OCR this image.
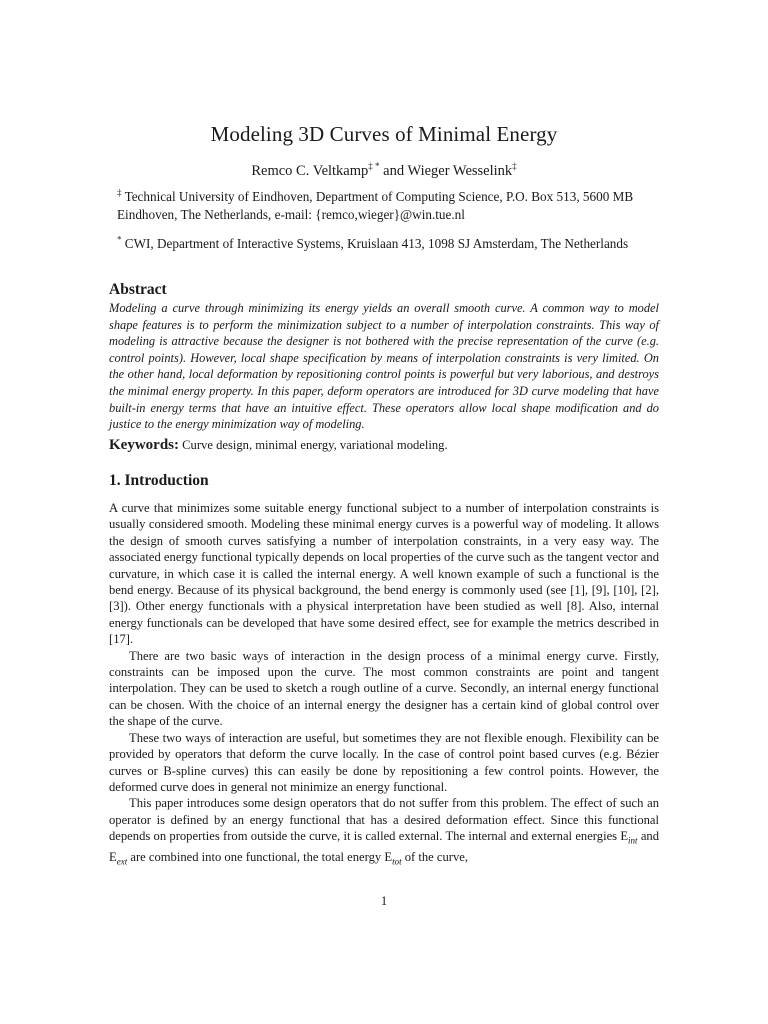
Modeling 3D Curves of Minimal Energy
Remco C. Veltkamp‡ * and Wieger Wesselink‡
‡ Technical University of Eindhoven, Department of Computing Science, P.O. Box 513, 5600 MB Eindhoven, The Netherlands, e-mail: {remco,wieger}@win.tue.nl
* CWI, Department of Interactive Systems, Kruislaan 413, 1098 SJ Amsterdam, The Netherlands
Abstract
Modeling a curve through minimizing its energy yields an overall smooth curve. A common way to model shape features is to perform the minimization subject to a number of interpolation constraints. This way of modeling is attractive because the designer is not bothered with the precise representation of the curve (e.g. control points). However, local shape specification by means of interpolation constraints is very limited. On the other hand, local deformation by repositioning control points is powerful but very laborious, and destroys the minimal energy property. In this paper, deform operators are introduced for 3D curve modeling that have built-in energy terms that have an intuitive effect. These operators allow local shape modification and do justice to the energy minimization way of modeling.
Keywords: Curve design, minimal energy, variational modeling.
1. Introduction

A curve that minimizes some suitable energy functional subject to a number of interpolation constraints is usually considered smooth. Modeling these minimal energy curves is a powerful way of modeling. It allows the design of smooth curves satisfying a number of interpolation constraints, in a very easy way. The associated energy functional typically depends on local properties of the curve such as the tangent vector and curvature, in which case it is called the internal energy. A well known example of such a functional is the bend energy. Because of its physical background, the bend energy is commonly used (see [1], [9], [10], [2], [3]). Other energy functionals with a physical interpretation have been studied as well [8]. Also, internal energy functionals can be developed that have some desired effect, see for example the metrics described in [17].

There are two basic ways of interaction in the design process of a minimal energy curve. Firstly, constraints can be imposed upon the curve. The most common constraints are point and tangent interpolation. They can be used to sketch a rough outline of a curve. Secondly, an internal energy functional can be chosen. With the choice of an internal energy the designer has a certain kind of global control over the shape of the curve.

These two ways of interaction are useful, but sometimes they are not flexible enough. Flexibility can be provided by operators that deform the curve locally. In the case of control point based curves (e.g. Bézier curves or B-spline curves) this can easily be done by repositioning a few control points. However, the deformed curve does in general not minimize an energy functional.

This paper introduces some design operators that do not suffer from this problem. The effect of such an operator is defined by an energy functional that has a desired deformation effect. Since this functional depends on properties from outside the curve, it is called external. The internal and external energies $E_{int}$ and $E_{ext}$ are combined into one functional, the total energy $E_{tot}$ of the curve,

1
